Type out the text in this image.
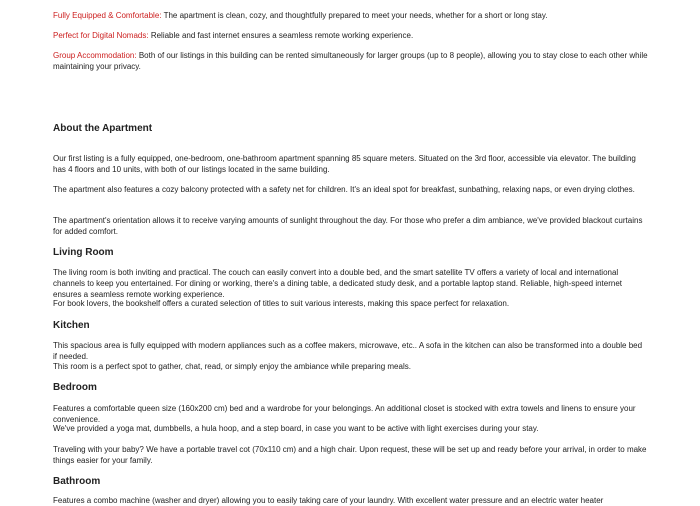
Fully Equipped & Comfortable: The apartment is clean, cozy, and thoughtfully prepared to meet your needs, whether for a short or long stay.
Perfect for Digital Nomads: Reliable and fast internet ensures a seamless remote working experience.
Group Accommodation: Both of our listings in this building can be rented simultaneously for larger groups (up to 8 people), allowing you to stay close to each other while maintaining your privacy.
About the Apartment

Our first listing is a fully equipped, one-bedroom, one-bathroom apartment spanning 85 square meters. Situated on the 3rd floor, accessible via elevator. The building has 4 floors and 10 units, with both of our listings located in the same building.

The apartment also features a cozy balcony protected with a safety net for children. It's an ideal spot for breakfast, sunbathing, relaxing naps, or even drying clothes.

The apartment's orientation allows it to receive varying amounts of sunlight throughout the day. For those who prefer a dim ambiance, we've provided blackout curtains for added comfort.

Living Room

The living room is both inviting and practical. The couch can easily convert into a double bed, and the smart satellite TV offers a variety of local and international channels to keep you entertained. For dining or working, there's a dining table, a dedicated study desk, and a portable laptop stand. Reliable, high-speed internet ensures a seamless remote working experience.

For book lovers, the bookshelf offers a curated selection of titles to suit various interests, making this space perfect for relaxation.

Kitchen

This spacious area is fully equipped with modern appliances such as a coffee makers, microwave, etc.. A sofa in the kitchen can also be transformed into a double bed if needed.

This room is a perfect spot to gather, chat, read, or simply enjoy the ambiance while preparing meals.

Bedroom

Features a comfortable queen size (160x200 cm) bed and a wardrobe for your belongings. An additional closet is stocked with extra towels and linens to ensure your convenience.

We've provided a yoga mat, dumbbells, a hula hoop, and a step board, in case you want to be active with light exercises during your stay.

Traveling with your baby? We have a portable travel cot (70x110 cm) and a high chair. Upon request, these will be set up and ready before your arrival, in order to make things easier for your family.

Bathroom

Features a combo machine (washer and dryer) allowing you to easily taking care of your laundry. With excellent water pressure and an electric water heater
